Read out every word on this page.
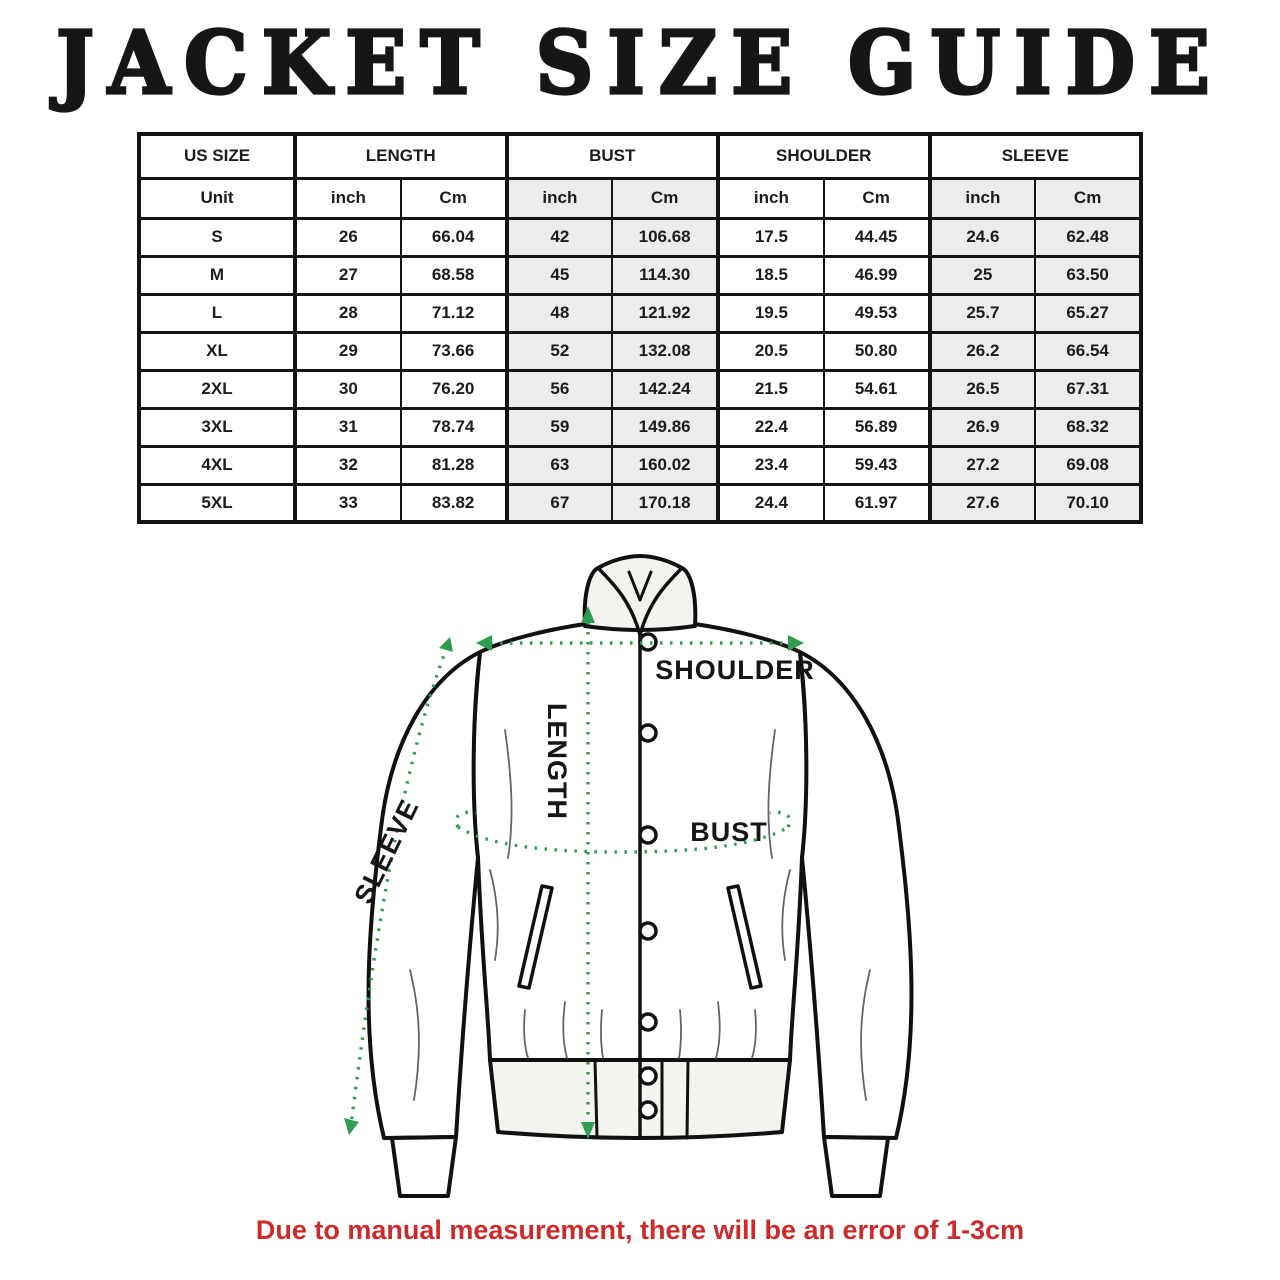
JACKET SIZE GUIDE
US SIZE	LENGTH		BUST		SHOULDER		SLEEVE	
Unit	inch	Cm	inch	Cm	inch	Cm	inch	Cm
S	26	66.04	42	106.68	17.5	44.45	24.6	62.48
M	27	68.58	45	114.30	18.5	46.99	25	63.50
L	28	71.12	48	121.92	19.5	49.53	25.7	65.27
XL	29	73.66	52	132.08	20.5	50.80	26.2	66.54
2XL	30	76.20	56	142.24	21.5	54.61	26.5	67.31
3XL	31	78.74	59	149.86	22.4	56.89	26.9	68.32
4XL	32	81.28	63	160.02	23.4	59.43	27.2	69.08
5XL	33	83.82	67	170.18	24.4	61.97	27.6	70.10
SHOULDER
LENGTH
BUST
SLEEVE

Due to manual measurement, there will be an error of 1-3cm
